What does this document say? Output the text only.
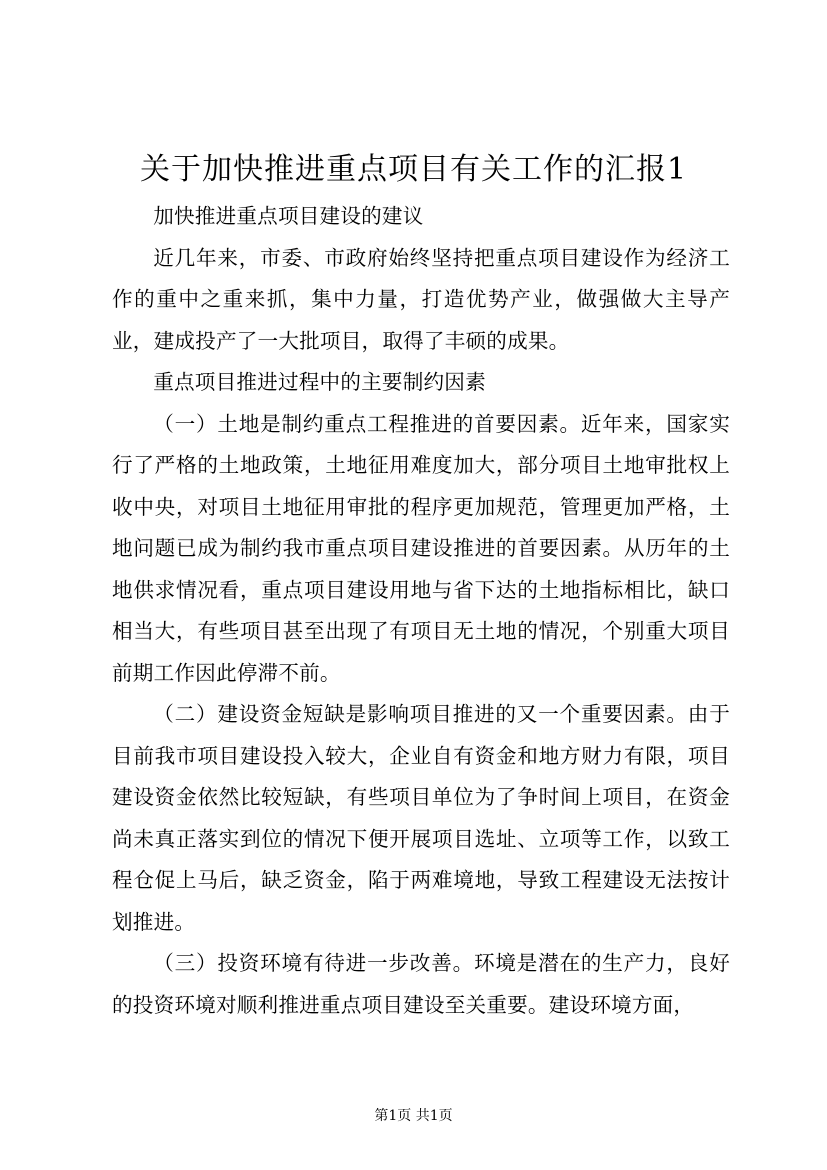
关于加快推进重点项目有关工作的汇报1

加快推进重点项目建设的建议

近几年来，市委、市政府始终坚持把重点项目建设作为经济工作的重中之重来抓，集中力量，打造优势产业，做强做大主导产业，建成投产了一大批项目，取得了丰硕的成果。

重点项目推进过程中的主要制约因素

（一）土地是制约重点工程推进的首要因素。近年来，国家实行了严格的土地政策，土地征用难度加大，部分项目土地审批权上收中央，对项目土地征用审批的程序更加规范，管理更加严格，土地问题已成为制约我市重点项目建设推进的首要因素。从历年的土地供求情况看，重点项目建设用地与省下达的土地指标相比，缺口相当大，有些项目甚至出现了有项目无土地的情况，个别重大项目前期工作因此停滞不前。

（二）建设资金短缺是影响项目推进的又一个重要因素。由于目前我市项目建设投入较大，企业自有资金和地方财力有限，项目建设资金依然比较短缺，有些项目单位为了争时间上项目，在资金尚未真正落实到位的情况下便开展项目选址、立项等工作，以致工程仓促上马后，缺乏资金，陷于两难境地，导致工程建设无法按计划推进。

（三）投资环境有待进一步改善。环境是潜在的生产力，良好的投资环境对顺利推进重点项目建设至关重要。建设环境方面，

第1页 共1页
